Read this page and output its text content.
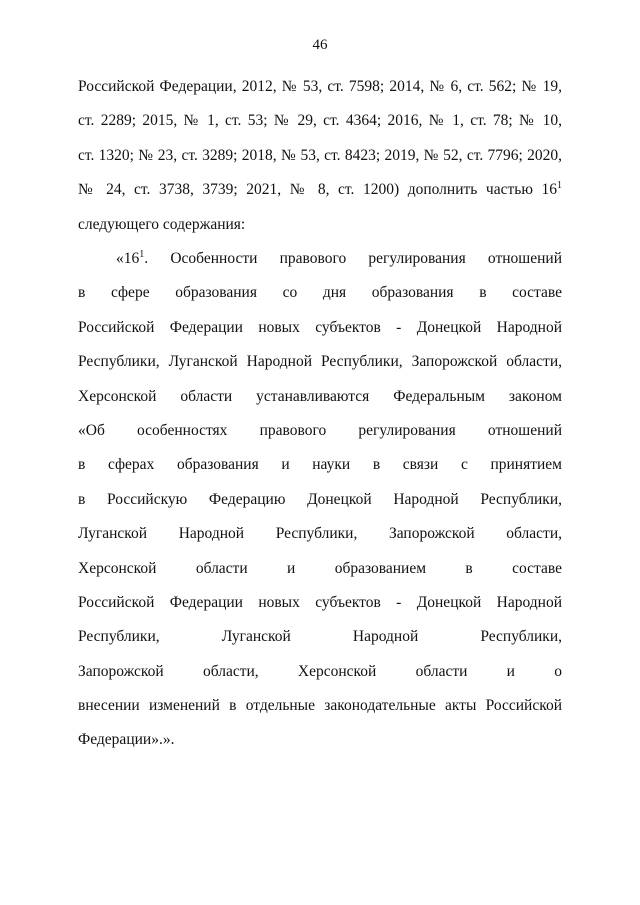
46
Российской Федерации, 2012, № 53, ст. 7598; 2014, № 6, ст. 562; № 19,
ст. 2289; 2015, № 1, ст. 53; № 29, ст. 4364; 2016, № 1, ст. 78; № 10,
ст. 1320; № 23, ст. 3289; 2018, № 53, ст. 8423; 2019, № 52, ст. 7796; 2020,
№ 24, ст. 3738, 3739; 2021, № 8, ст. 1200) дополнить частью $16^1$
следующего содержания:
«$16^1$. Особенности правового регулирования отношений
в сфере образования со дня образования в составе
Российской Федерации новых субъектов - Донецкой Народной
Республики, Луганской Народной Республики, Запорожской области,
Херсонской области устанавливаются Федеральным законом
«Об особенностях правового регулирования отношений
в сферах образования и науки в связи с принятием
в Российскую Федерацию Донецкой Народной Республики,
Луганской Народной Республики, Запорожской области,
Херсонской области и образованием в составе
Российской Федерации новых субъектов - Донецкой Народной
Республики, Луганской Народной Республики,
Запорожской области, Херсонской области и о
внесении изменений в отдельные законодательные акты Российской
Федерации».».
